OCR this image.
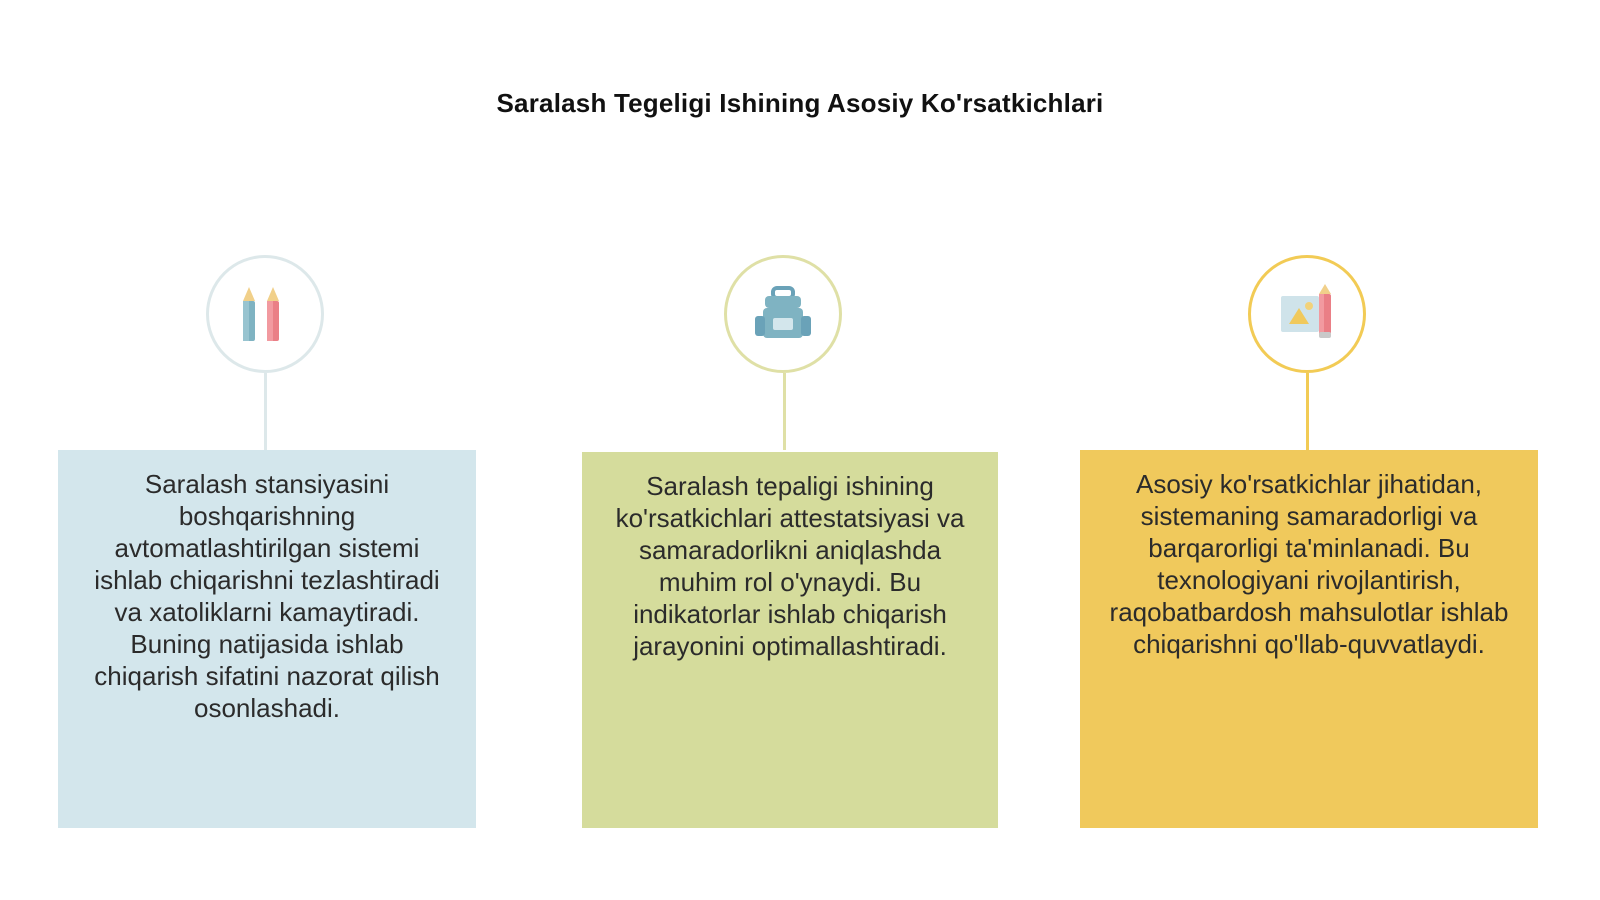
Saralash Tegeligi Ishining Asosiy Ko'rsatkichlari

Saralash stansiyasini boshqarishning avtomatlashtirilgan sistemi ishlab chiqarishni tezlashtiradi va xatoliklarni kamaytiradi. Buning natijasida ishlab chiqarish sifatini nazorat qilish osonlashadi.

Saralash tepaligi ishining ko'rsatkichlari attestatsiyasi va samaradorlikni aniqlashda muhim rol o'ynaydi. Bu indikatorlar ishlab chiqarish jarayonini optimallashtiradi.

Asosiy ko'rsatkichlar jihatidan, sistemaning samaradorligi va barqarorligi ta'minlanadi. Bu texnologiyani rivojlantirish, raqobatbardosh mahsulotlar ishlab chiqarishni qo'llab-quvvatlaydi.
